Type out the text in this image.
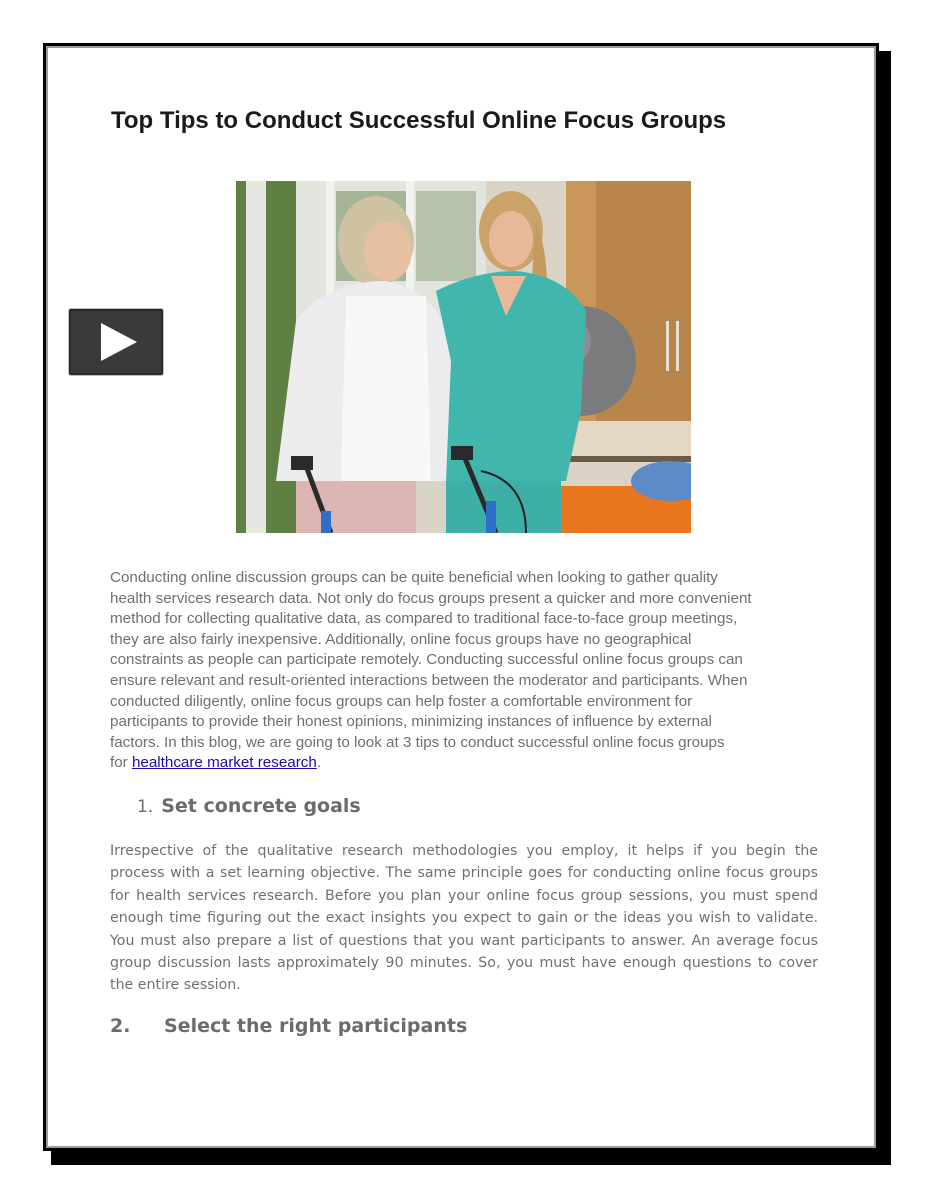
Top Tips to Conduct Successful Online Focus Groups

Conducting online discussion groups can be quite beneficial when looking to gather quality
health services research data. Not only do focus groups present a quicker and more convenient
method for collecting qualitative data, as compared to traditional face-to-face group meetings,
they are also fairly inexpensive. Additionally, online focus groups have no geographical
constraints as people can participate remotely. Conducting successful online focus groups can
ensure relevant and result-oriented interactions between the moderator and participants. When
conducted diligently, online focus groups can help foster a comfortable environment for
participants to provide their honest opinions, minimizing instances of influence by external
factors. In this blog, we are going to look at 3 tips to conduct successful online focus groups
for healthcare market research.

1. Set concrete goals

Irrespective of the qualitative research methodologies you employ, it helps if you begin the
process with a set learning objective. The same principle goes for conducting online focus groups
for health services research. Before you plan your online focus group sessions, you must spend
enough time figuring out the exact insights you expect to gain or the ideas you wish to validate.
You must also prepare a list of questions that you want participants to answer. An average focus
group discussion lasts approximately 90 minutes. So, you must have enough questions to cover
the entire session.

2. Select the right participants
